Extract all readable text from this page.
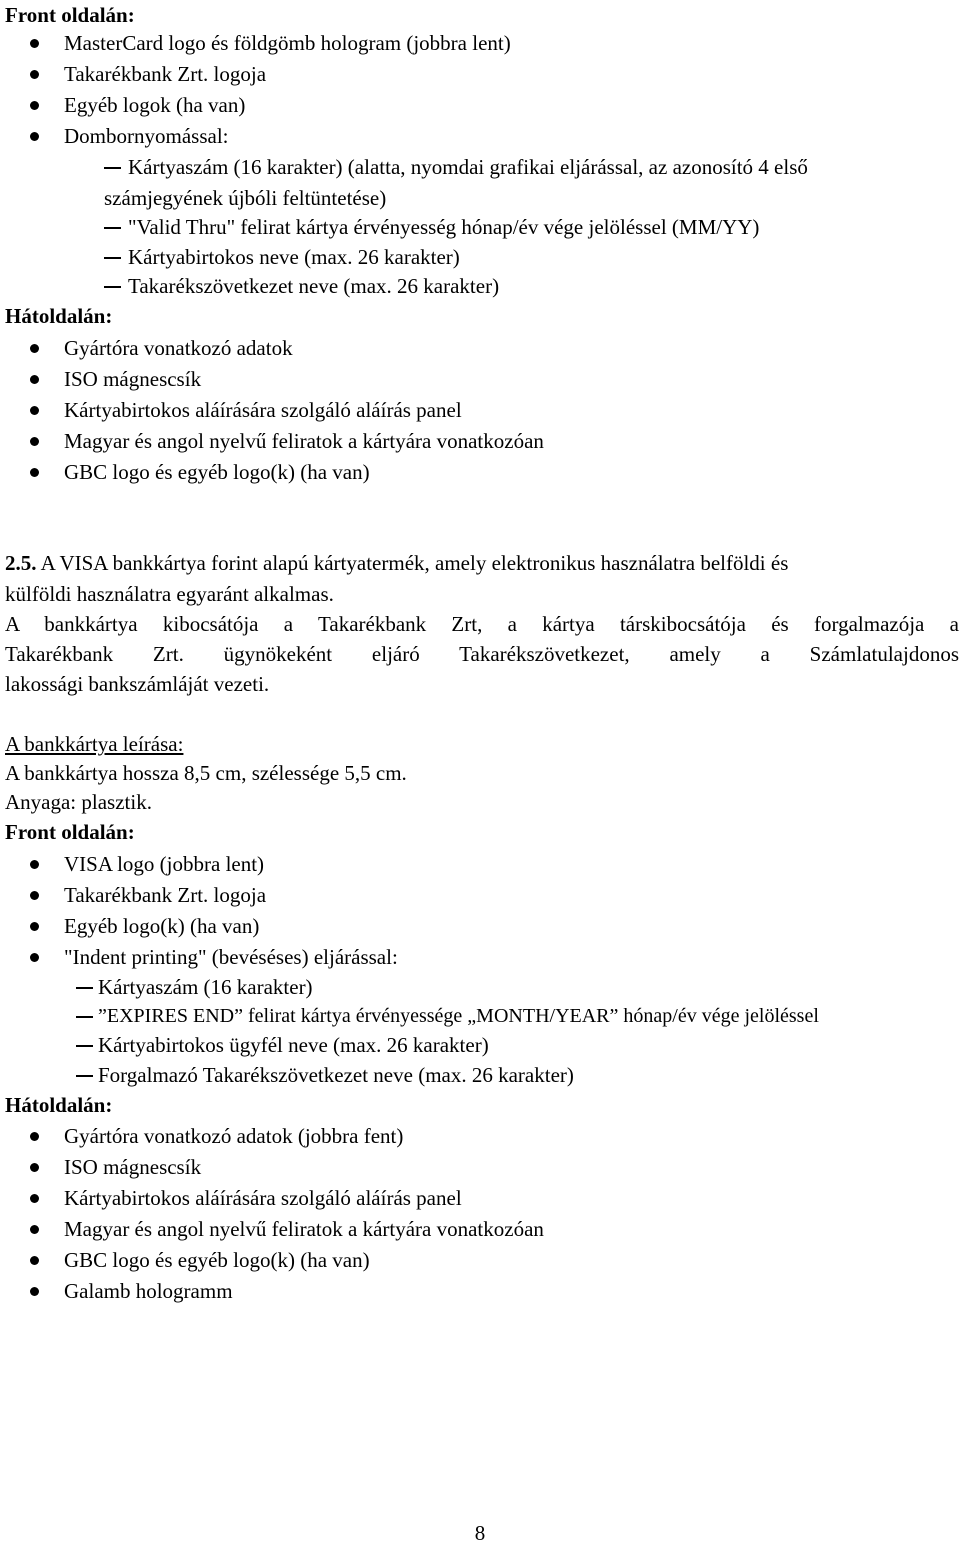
Front oldalán:
MasterCard logo és földgömb hologram (jobbra lent)
Takarékbank Zrt. logoja
Egyéb logok (ha van)
Dombornyomással:
Kártyaszám (16 karakter) (alatta, nyomdai grafikai eljárással, az azonosító 4 első
számjegyének újbóli feltüntetése)
"Valid Thru" felirat kártya érvényesség hónap/év vége jelöléssel (MM/YY)
Kártyabirtokos neve (max. 26 karakter)
Takarékszövetkezet neve (max. 26 karakter)
Hátoldalán:
Gyártóra vonatkozó adatok
ISO mágnescsík
Kártyabirtokos aláírására szolgáló aláírás panel
Magyar és angol nyelvű feliratok a kártyára vonatkozóan
GBC logo és egyéb logo(k) (ha van)
2.5. A VISA bankkártya forint alapú kártyatermék, amely elektronikus használatra belföldi és
külföldi használatra egyaránt alkalmas.
A bankkártya kibocsátója a Takarékbank Zrt, a kártya társkibocsátója és forgalmazója a
Takarékbank Zrt. ügynökeként eljáró Takarékszövetkezet, amely a Számlatulajdonos
lakossági bankszámláját vezeti.
A bankkártya leírása:
A bankkártya hossza 8,5 cm, szélessége 5,5 cm.
Anyaga: plasztik.
Front oldalán:
VISA logo (jobbra lent)
Takarékbank Zrt. logoja
Egyéb logo(k) (ha van)
"Indent printing" (bevéséses) eljárással:
Kártyaszám (16 karakter)
”EXPIRES END” felirat kártya érvényessége „MONTH/YEAR” hónap/év vége jelöléssel
Kártyabirtokos ügyfél neve (max. 26 karakter)
Forgalmazó Takarékszövetkezet neve (max. 26 karakter)
Hátoldalán:
Gyártóra vonatkozó adatok (jobbra fent)
ISO mágnescsík
Kártyabirtokos aláírására szolgáló aláírás panel
Magyar és angol nyelvű feliratok a kártyára vonatkozóan
GBC logo és egyéb logo(k) (ha van)
Galamb hologramm
8
